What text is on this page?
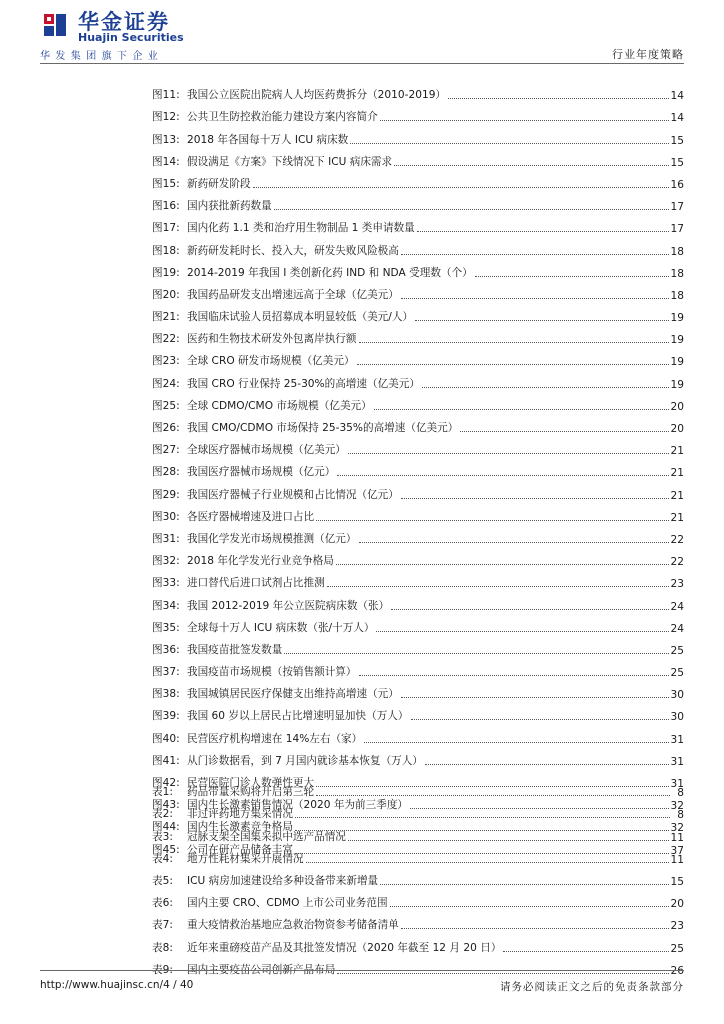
华金证券
Huajin Securities
华发集团旗下企业	行业年度策略
图11: 我国公立医院出院病人人均医药费拆分（2010-2019）	14
图12: 公共卫生防控救治能力建设方案内容简介	14
图13: 2018 年各国每十万人 ICU 病床数	15
图14: 假设满足《方案》下线情况下 ICU 病床需求	15
图15: 新药研发阶段	16
图16: 国内获批新药数量	17
图17: 国内化药 1.1 类和治疗用生物制品 1 类申请数量	17
图18: 新药研发耗时长、投入大，研发失败风险极高	18
图19: 2014-2019 年我国 I 类创新化药 IND 和 NDA 受理数（个）	18
图20: 我国药品研发支出增速远高于全球（亿美元）	18
图21: 我国临床试验人员招募成本明显较低（美元/人）	19
图22: 医药和生物技术研发外包离岸执行额	19
图23: 全球 CRO 研发市场规模（亿美元）	19
图24: 我国 CRO 行业保持 25-30%的高增速（亿美元）	19
图25: 全球 CDMO/CMO 市场规模（亿美元）	20
图26: 我国 CMO/CDMO 市场保持 25-35%的高增速（亿美元）	20
图27: 全球医疗器械市场规模（亿美元）	21
图28: 我国医疗器械市场规模（亿元）	21
图29: 我国医疗器械子行业规模和占比情况（亿元）	21
图30: 各医疗器械增速及进口占比	21
图31: 我国化学发光市场规模推测（亿元）	22
图32: 2018 年化学发光行业竞争格局	22
图33: 进口替代后进口试剂占比推测	23
图34: 我国 2012-2019 年公立医院病床数（张）	24
图35: 全球每十万人 ICU 病床数（张/十万人）	24
图36: 我国疫苗批签发数量	25
图37: 我国疫苗市场规模（按销售额计算）	25
图38: 我国城镇居民医疗保健支出维持高增速（元）	30
图39: 我国 60 岁以上居民占比增速明显加快（万人）	30
图40: 民营医疗机构增速在 14%左右（家）	31
图41: 从门诊数据看，到 7 月国内就诊基本恢复（万人）	31
图42: 民营医院门诊人数弹性更大	31
图43: 国内生长激素销售情况（2020 年为前三季度）	32
图44: 国内生长激素竞争格局	32
图45: 公司在研产品储备丰富	37
表1:	药品带量采购将开启第三轮	8
表2:	非过评药地方集采情况	8
表3:	冠脉支架全国集采拟中选产品情况	11
表4:	地方性耗材集采开展情况	11
表5:	ICU 病房加速建设给多种设备带来新增量	15
表6:	国内主要 CRO、CDMO 上市公司业务范围	20
表7:	重大疫情救治基地应急救治物资参考储备清单	23
表8:	近年来重磅疫苗产品及其批签发情况（2020 年截至 12 月 20 日）	25
表9:	国内主要疫苗公司创新产品布局	26
http://www.huajinsc.cn/4 / 40	请务必阅读正文之后的免责条款部分
